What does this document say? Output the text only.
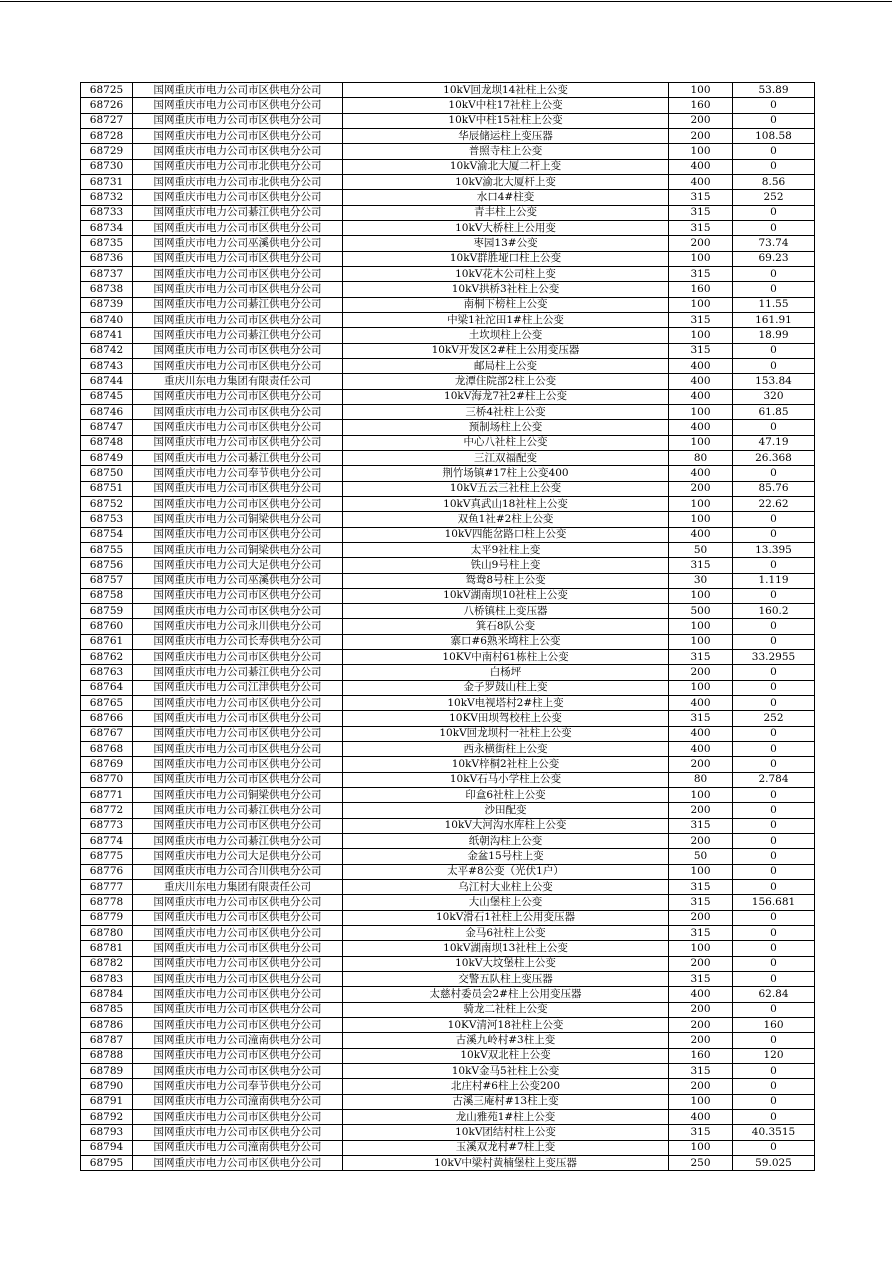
68725	国网重庆市电力公司市区供电分公司	10kV回龙坝14社柱上公变	100	53.89
68726	国网重庆市电力公司市区供电分公司	10kV中柱17社柱上公变	160	0
68727	国网重庆市电力公司市区供电分公司	10kV中柱15社柱上公变	200	0
68728	国网重庆市电力公司市区供电分公司	华辰储运柱上变压器	200	108.58
68729	国网重庆市电力公司市区供电分公司	普照寺柱上公变	100	0
68730	国网重庆市电力公司市北供电分公司	10kV渝北大厦二杆上变	400	0
68731	国网重庆市电力公司市北供电分公司	10kV渝北大厦杆上变	400	8.56
68732	国网重庆市电力公司市区供电分公司	水口4#柱变	315	252
68733	国网重庆市电力公司綦江供电分公司	青丰柱上公变	315	0
68734	国网重庆市电力公司市区供电分公司	10kV大桥柱上公用变	315	0
68735	国网重庆市电力公司巫溪供电分公司	枣园13#公变	200	73.74
68736	国网重庆市电力公司市区供电分公司	10kV群胜垭口柱上公变	100	69.23
68737	国网重庆市电力公司市区供电分公司	10kV花木公司柱上变	315	0
68738	国网重庆市电力公司市区供电分公司	10kV拱桥3社柱上公变	160	0
68739	国网重庆市电力公司綦江供电分公司	南桐下榜柱上公变	100	11.55
68740	国网重庆市电力公司市区供电分公司	中梁1社沱田1#柱上公变	315	161.91
68741	国网重庆市电力公司綦江供电分公司	土坎坝柱上公变	100	18.99
68742	国网重庆市电力公司市区供电分公司	10kV开发区2#柱上公用变压器	315	0
68743	国网重庆市电力公司市区供电分公司	邮局柱上公变	400	0
68744	重庆川东电力集团有限责任公司	龙潭住院部2柱上公变	400	153.84
68745	国网重庆市电力公司市区供电分公司	10kV海龙7社2#柱上公变	400	320
68746	国网重庆市电力公司市区供电分公司	三桥4社柱上公变	100	61.85
68747	国网重庆市电力公司市区供电分公司	预制场柱上公变	400	0
68748	国网重庆市电力公司市区供电分公司	中心八社柱上公变	100	47.19
68749	国网重庆市电力公司綦江供电分公司	三江双福配变	80	26.368
68750	国网重庆市电力公司奉节供电分公司	荆竹场镇#17柱上公变400	400	0
68751	国网重庆市电力公司市区供电分公司	10kV五云三社柱上公变	200	85.76
68752	国网重庆市电力公司市区供电分公司	10kV真武山18社柱上公变	100	22.62
68753	国网重庆市电力公司铜梁供电分公司	双鱼1社#2柱上公变	100	0
68754	国网重庆市电力公司市区供电分公司	10kV四能岔路口柱上公变	400	0
68755	国网重庆市电力公司铜梁供电分公司	太平9社柱上变	50	13.395
68756	国网重庆市电力公司大足供电分公司	铁山9号柱上变	315	0
68757	国网重庆市电力公司巫溪供电分公司	鸳鸯8号柱上公变	30	1.119
68758	国网重庆市电力公司市区供电分公司	10kV湖南坝10社柱上公变	100	0
68759	国网重庆市电力公司市区供电分公司	八桥镇柱上变压器	500	160.2
68760	国网重庆市电力公司永川供电分公司	箕石8队公变	100	0
68761	国网重庆市电力公司长寿供电分公司	寨口#6熟米塆柱上公变	100	0
68762	国网重庆市电力公司市区供电分公司	10KV中南村61栋柱上公变	315	33.2955
68763	国网重庆市电力公司綦江供电分公司	白杨坪	200	0
68764	国网重庆市电力公司江津供电分公司	金子罗鼓山柱上变	100	0
68765	国网重庆市电力公司市区供电分公司	10kV电视塔村2#柱上变	400	0
68766	国网重庆市电力公司市区供电分公司	10KV田坝驾校柱上公变	315	252
68767	国网重庆市电力公司市区供电分公司	10kV回龙坝村一社柱上公变	400	0
68768	国网重庆市电力公司市区供电分公司	西永横街柱上公变	400	0
68769	国网重庆市电力公司市区供电分公司	10kV梓桐2社柱上公变	200	0
68770	国网重庆市电力公司市区供电分公司	10kV石马小学柱上公变	80	2.784
68771	国网重庆市电力公司铜梁供电分公司	印盒6社柱上公变	100	0
68772	国网重庆市电力公司綦江供电分公司	沙田配变	200	0
68773	国网重庆市电力公司市区供电分公司	10kV大河沟水库柱上公变	315	0
68774	国网重庆市电力公司綦江供电分公司	纸朝沟柱上公变	200	0
68775	国网重庆市电力公司大足供电分公司	金盆15号柱上变	50	0
68776	国网重庆市电力公司合川供电分公司	太平#8公变（光伏1户）	100	0
68777	重庆川东电力集团有限责任公司	乌江村大业柱上公变	315	0
68778	国网重庆市电力公司市区供电分公司	大山堡柱上公变	315	156.681
68779	国网重庆市电力公司市区供电分公司	10kV滑石1社柱上公用变压器	200	0
68780	国网重庆市电力公司市区供电分公司	金马6社柱上公变	315	0
68781	国网重庆市电力公司市区供电分公司	10kV湖南坝13社柱上公变	100	0
68782	国网重庆市电力公司市区供电分公司	10kV大坟堡柱上公变	200	0
68783	国网重庆市电力公司市区供电分公司	交警五队柱上变压器	315	0
68784	国网重庆市电力公司市区供电分公司	太慈村委员会2#柱上公用变压器	400	62.84
68785	国网重庆市电力公司市区供电分公司	骑龙二社柱上公变	200	0
68786	国网重庆市电力公司市区供电分公司	10KV清河18社柱上公变	200	160
68787	国网重庆市电力公司潼南供电分公司	古溪九岭村#3柱上变	200	0
68788	国网重庆市电力公司市区供电分公司	10kV双北柱上公变	160	120
68789	国网重庆市电力公司市区供电分公司	10kV金马5社柱上公变	315	0
68790	国网重庆市电力公司奉节供电分公司	北庄村#6柱上公变200	200	0
68791	国网重庆市电力公司潼南供电分公司	古溪三庵村#13柱上变	100	0
68792	国网重庆市电力公司市区供电分公司	龙山雅苑1#柱上公变	400	0
68793	国网重庆市电力公司市区供电分公司	10kV团结村柱上公变	315	40.3515
68794	国网重庆市电力公司潼南供电分公司	玉溪双龙村#7柱上变	100	0
68795	国网重庆市电力公司市区供电分公司	10kV中梁村黄楠堡柱上变压器	250	59.025
